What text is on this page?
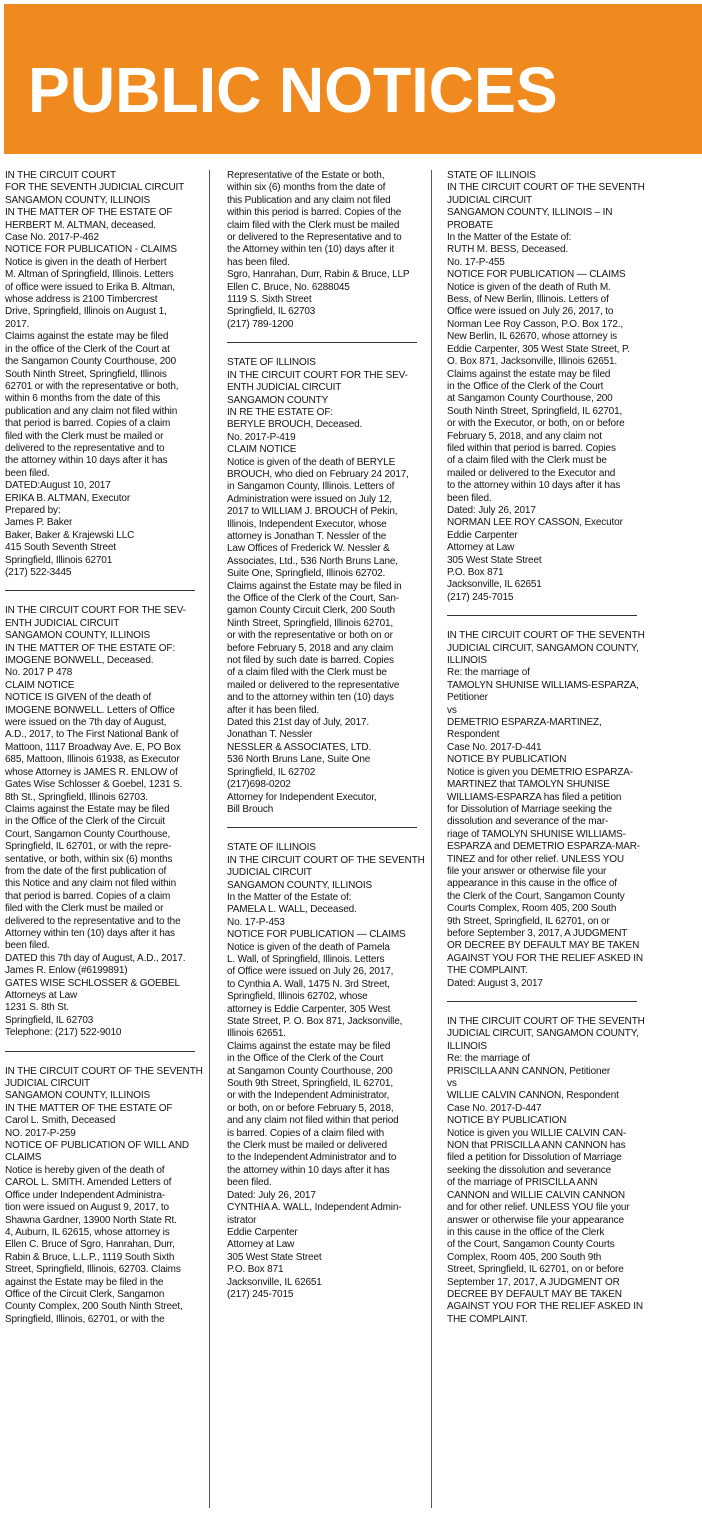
PUBLIC NOTICES
IN THE CIRCUIT COURT
FOR THE SEVENTH JUDICIAL CIRCUIT
SANGAMON COUNTY, ILLINOIS
IN THE MATTER OF THE ESTATE OF
HERBERT M. ALTMAN, deceased.
Case No. 2017-P-462
NOTICE FOR PUBLICATION - CLAIMS
Notice is given in the death of Herbert
M. Altman of Springfield, Illinois. Letters
of office were issued to Erika B. Altman,
whose address is 2100 Timbercrest
Drive, Springfield, Illinois on August 1,
2017.
Claims against the estate may be filed
in the office of the Clerk of the Court at
the Sangamon County Courthouse, 200
South Ninth Street, Springfield, Illinois
62701 or with the representative or both,
within 6 months from the date of this
publication and any claim not filed within
that period is barred. Copies of a claim
filed with the Clerk must be mailed or
delivered to the representative and to
the attorney within 10 days after it has
been filed.
DATED:August 10, 2017
ERIKA B. ALTMAN, Executor
Prepared by:
James P. Baker
Baker, Baker & Krajewski LLC
415 South Seventh Street
Springfield, Illinois 62701
(217) 522-3445
IN THE CIRCUIT COURT FOR THE SEV-
ENTH JUDICIAL CIRCUIT
SANGAMON COUNTY, ILLINOIS
IN THE MATTER OF THE ESTATE OF:
IMOGENE BONWELL, Deceased.
No. 2017 P 478
CLAIM NOTICE
NOTICE IS GIVEN of the death of
IMOGENE BONWELL. Letters of Office
were issued on the 7th day of August,
A.D., 2017, to The First National Bank of
Mattoon, 1117 Broadway Ave. E, PO Box
685, Mattoon, Illinois 61938, as Executor
whose Attorney is JAMES R. ENLOW of
Gates Wise Schlosser & Goebel, 1231 S.
8th St., Springfield, Illinois 62703.
Claims against the Estate may be filed
in the Office of the Clerk of the Circuit
Court, Sangamon County Courthouse,
Springfield, IL 62701, or with the repre-
sentative, or both, within six (6) months
from the date of the first publication of
this Notice and any claim not filed within
that period is barred. Copies of a claim
filed with the Clerk must be mailed or
delivered to the representative and to the
Attorney within ten (10) days after it has
been filed.
DATED this 7th day of August, A.D., 2017.
James R. Enlow (#6199891)
GATES WISE SCHLOSSER & GOEBEL
Attorneys at Law
1231 S. 8th St.
Springfield, IL 62703
Telephone: (217) 522-9010
IN THE CIRCUIT COURT OF THE SEVENTH
JUDICIAL CIRCUIT
SANGAMON COUNTY, ILLINOIS
IN THE MATTER OF THE ESTATE OF
Carol L. Smith, Deceased
NO. 2017-P-259
NOTICE OF PUBLICATION OF WILL AND
CLAIMS
Notice is hereby given of the death of
CAROL L. SMITH. Amended Letters of
Office under Independent Administra-
tion were issued on August 9, 2017, to
Shawna Gardner, 13900 North State Rt.
4, Auburn, IL 62615, whose attorney is
Ellen C. Bruce of Sgro, Hanrahan, Durr,
Rabin & Bruce, L.L.P., 1119 South Sixth
Street, Springfield, Illinois, 62703. Claims
against the Estate may be filed in the
Office of the Circuit Clerk, Sangamon
County Complex, 200 South Ninth Street,
Springfield, Illinois, 62701, or with the
Representative of the Estate or both,
within six (6) months from the date of
this Publication and any claim not filed
within this period is barred. Copies of the
claim filed with the Clerk must be mailed
or delivered to the Representative and to
the Attorney within ten (10) days after it
has been filed.
Sgro, Hanrahan, Durr, Rabin & Bruce, LLP
Ellen C. Bruce, No. 6288045
1119 S. Sixth Street
Springfield, IL 62703
(217) 789-1200
STATE OF ILLINOIS
IN THE CIRCUIT COURT FOR THE SEV-
ENTH JUDICIAL CIRCUIT
SANGAMON COUNTY
IN RE THE ESTATE OF:
BERYLE BROUCH, Deceased.
No. 2017-P-419
CLAIM NOTICE
Notice is given of the death of BERYLE
BROUCH, who died on February 24 2017,
in Sangamon County, Illinois. Letters of
Administration were issued on July 12,
2017 to WILLIAM J. BROUCH of Pekin,
Illinois, Independent Executor, whose
attorney is Jonathan T. Nessler of the
Law Offices of Frederick W. Nessler &
Associates, Ltd., 536 North Bruns Lane,
Suite One, Springfield, Illinois 62702.
Claims against the Estate may be filed in
the Office of the Clerk of the Court, San-
gamon County Circuit Clerk, 200 South
Ninth Street, Springfield, Illinois 62701,
or with the representative or both on or
before February 5, 2018 and any claim
not filed by such date is barred. Copies
of a claim filed with the Clerk must be
mailed or delivered to the representative
and to the attorney within ten (10) days
after it has been filed.
Dated this 21st day of July, 2017.
Jonathan T. Nessler
NESSLER & ASSOCIATES, LTD.
536 North Bruns Lane, Suite One
Springfield, IL 62702
(217)698-0202
Attorney for Independent Executor,
Bill Brouch
STATE OF ILLINOIS
IN THE CIRCUIT COURT OF THE SEVENTH
JUDICIAL CIRCUIT
SANGAMON COUNTY, ILLINOIS
In the Matter of the Estate of:
PAMELA L. WALL, Deceased.
No. 17-P-453
NOTICE FOR PUBLICATION — CLAIMS
Notice is given of the death of Pamela
L. Wall, of Springfield, Illinois. Letters
of Office were issued on July 26, 2017,
to Cynthia A. Wall, 1475 N. 3rd Street,
Springfield, Illinois 62702, whose
attorney is Eddie Carpenter, 305 West
State Street, P. O. Box 871, Jacksonville,
Illinois 62651.
Claims against the estate may be filed
in the Office of the Clerk of the Court
at Sangamon County Courthouse, 200
South 9th Street, Springfield, IL 62701,
or with the Independent Administrator,
or both, on or before February 5, 2018,
and any claim not filed within that period
is barred. Copies of a claim filed with
the Clerk must be mailed or delivered
to the Independent Administrator and to
the attorney within 10 days after it has
been filed.
Dated: July 26, 2017
CYNTHIA A. WALL, Independent Admin-
istrator
Eddie Carpenter
Attorney at Law
305 West State Street
P.O. Box 871
Jacksonville, IL 62651
(217) 245-7015
STATE OF ILLINOIS
IN THE CIRCUIT COURT OF THE SEVENTH
JUDICIAL CIRCUIT
SANGAMON COUNTY, ILLINOIS – IN
PROBATE
In the Matter of the Estate of:
RUTH M. BESS, Deceased.
No. 17-P-455
NOTICE FOR PUBLICATION — CLAIMS
Notice is given of the death of Ruth M.
Bess, of New Berlin, Illinois. Letters of
Office were issued on July 26, 2017, to
Norman Lee Roy Casson, P.O. Box 172.,
New Berlin, IL 62670, whose attorney is
Eddie Carpenter, 305 West State Street, P.
O. Box 871, Jacksonville, Illinois 62651.
Claims against the estate may be filed
in the Office of the Clerk of the Court
at Sangamon County Courthouse, 200
South Ninth Street, Springfield, IL 62701,
or with the Executor, or both, on or before
February 5, 2018, and any claim not
filed within that period is barred. Copies
of a claim filed with the Clerk must be
mailed or delivered to the Executor and
to the attorney within 10 days after it has
been filed.
Dated: July 26, 2017
NORMAN LEE ROY CASSON, Executor
Eddie Carpenter
Attorney at Law
305 West State Street
P.O. Box 871
Jacksonville, IL 62651
(217) 245-7015
IN THE CIRCUIT COURT OF THE SEVENTH
JUDICIAL CIRCUIT, SANGAMON COUNTY,
ILLINOIS
Re: the marriage of
TAMOLYN SHUNISE WILLIAMS-ESPARZA,
Petitioner
vs
DEMETRIO ESPARZA-MARTINEZ,
Respondent
Case No. 2017-D-441
NOTICE BY PUBLICATION
Notice is given you DEMETRIO ESPARZA-
MARTINEZ that TAMOLYN SHUNISE
WILLIAMS-ESPARZA has filed a petition
for Dissolution of Marriage seeking the
dissolution and severance of the mar-
riage of TAMOLYN SHUNISE WILLIAMS-
ESPARZA and DEMETRIO ESPARZA-MAR-
TINEZ and for other relief. UNLESS YOU
file your answer or otherwise file your
appearance in this cause in the office of
the Clerk of the Court, Sangamon County
Courts Complex, Room 405, 200 South
9th Street, Springfield, IL 62701, on or
before September 3, 2017, A JUDGMENT
OR DECREE BY DEFAULT MAY BE TAKEN
AGAINST YOU FOR THE RELIEF ASKED IN
THE COMPLAINT.
Dated: August 3, 2017
IN THE CIRCUIT COURT OF THE SEVENTH
JUDICIAL CIRCUIT, SANGAMON COUNTY,
ILLINOIS
Re: the marriage of
PRISCILLA ANN CANNON, Petitioner
vs
WILLIE CALVIN CANNON, Respondent
Case No. 2017-D-447
NOTICE BY PUBLICATION
Notice is given you WILLIE CALVIN CAN-
NON that PRISCILLA ANN CANNON has
filed a petition for Dissolution of Marriage
seeking the dissolution and severance
of the marriage of PRISCILLA ANN
CANNON and WILLIE CALVIN CANNON
and for other relief. UNLESS YOU file your
answer or otherwise file your appearance
in this cause in the office of the Clerk
of the Court, Sangamon County Courts
Complex, Room 405, 200 South 9th
Street, Springfield, IL 62701, on or before
September 17, 2017, A JUDGMENT OR
DECREE BY DEFAULT MAY BE TAKEN
AGAINST YOU FOR THE RELIEF ASKED IN
THE COMPLAINT.
